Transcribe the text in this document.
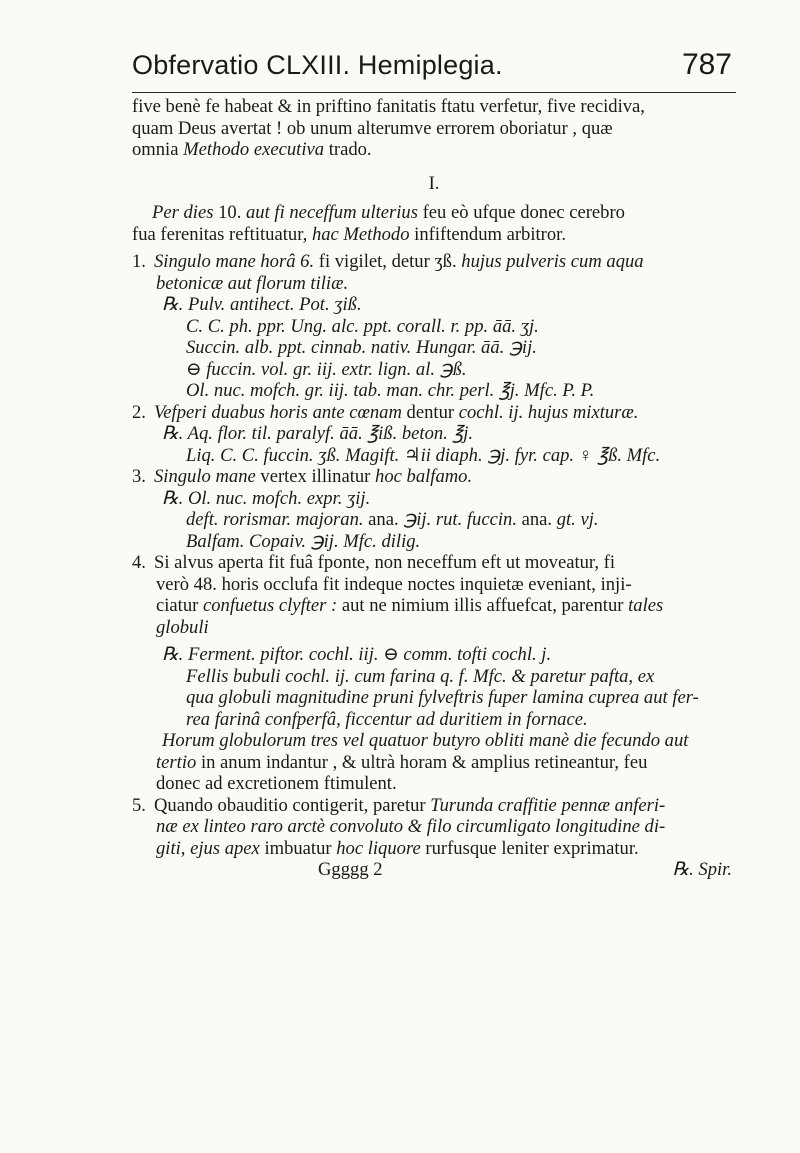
Obfervatio CLXIII. Hemiplegia.	787

five benè fe habeat & in priftino fanitatis ftatu verfetur, five recidiva,

quam Deus avertat ! ob unum alterumve errorem oboriatur , quæ

omnia Methodo executiva trado.

I.

Per dies 10. aut fi neceffum ulterius feu eò ufque donec cerebro

fua ferenitas reftituatur, hac Methodo infiftendum arbitror.

1. Singulo mane horâ 6. fi vigilet, detur ʒß. hujus pulveris cum aqua

betonicæ aut florum tiliæ.

℞. Pulv. antihect. Pot. ʒiß.

C. C. ph. ppr. Ung. alc. ppt. corall. r. pp. āā. ʒj.

Succin. alb. ppt. cinnab. nativ. Hungar. āā. ℈ij.

⊖ fuccin. vol. gr. iij. extr. lign. al. ℈ß.

Ol. nuc. mofch. gr. iij. tab. man. chr. perl. ℥j. Mfc. P. P.

2. Vefperi duabus horis ante cœnam dentur cochl. ij. hujus mixturæ.

℞. Aq. flor. til. paralyf. āā. ℥iß. beton. ℥j.

Liq. C. C. fuccin. ʒß. Magift. ♃ii diaph. ℈j. fyr. cap. ♀ ℥ß. Mfc.

3. Singulo mane vertex illinatur hoc balfamo.

℞. Ol. nuc. mofch. expr. ʒij.

deft. rorismar. majoran. ana. ℈ij. rut. fuccin. ana. gt. vj.

Balfam. Copaiv. ℈ij. Mfc. dilig.

4. Si alvus aperta fit fuâ fponte, non neceffum eft ut moveatur, fi

verò 48. horis occlufa fit indeque noctes inquietæ eveniant, inji-

ciatur confuetus clyfter : aut ne nimium illis affuefcat, parentur tales

globuli

℞. Ferment. piftor. cochl. iij. ⊖ comm. tofti cochl. j.

Fellis bubuli cochl. ij. cum farina q. f. Mfc. & paretur pafta, ex

qua globuli magnitudine pruni fylveftris fuper lamina cuprea aut fer-

rea farinâ confperfâ, ficcentur ad duritiem in fornace.

Horum globulorum tres vel quatuor butyro obliti manè die fecundo aut

tertio in anum indantur , & ultrà horam & amplius retineantur, feu

donec ad excretionem ftimulent.

5. Quando obauditio contigerit, paretur Turunda craffitie pennæ anferi-

næ ex linteo raro arctè convoluto & filo circumligato longitudine di-

giti, ejus apex imbuatur hoc liquore rurfusque leniter exprimatur.

Ggggg 2	℞. Spir.
